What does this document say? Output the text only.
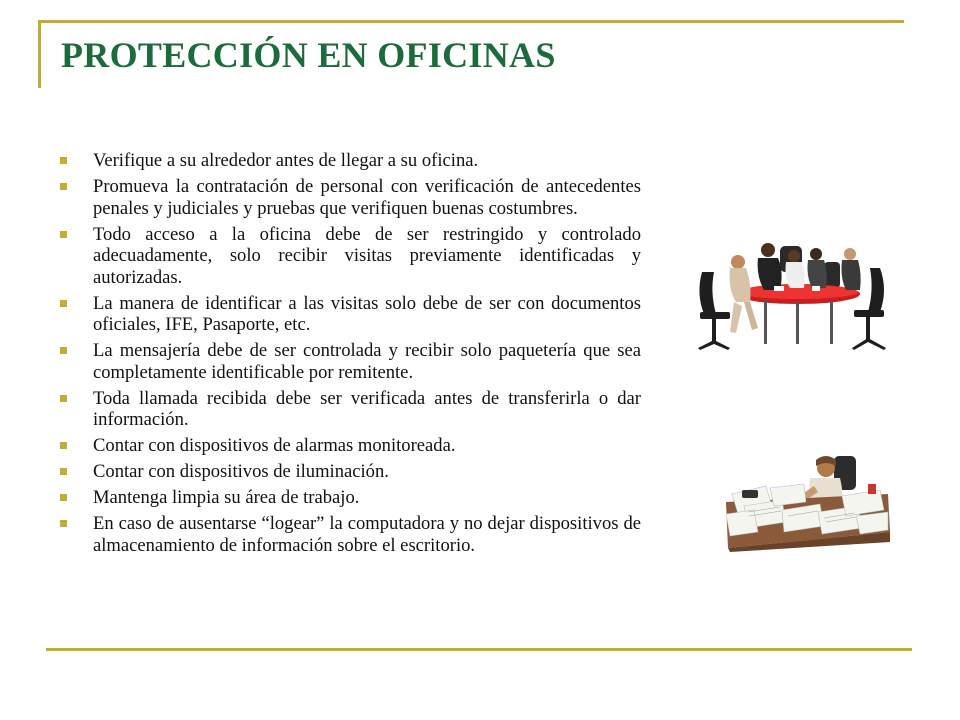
PROTECCIÓN EN OFICINAS
Verifique a su alrededor antes de llegar a su oficina.
Promueva la contratación de personal con verificación de antecedentes penales y judiciales y pruebas que verifiquen buenas costumbres.
Todo acceso a la oficina debe de ser restringido y controlado adecuadamente, solo recibir visitas previamente identificadas y autorizadas.
La manera de identificar a las visitas solo debe de ser con documentos oficiales, IFE, Pasaporte, etc.
La mensajería debe de ser controlada y recibir solo paquetería que sea completamente identificable por remitente.
Toda llamada recibida debe ser verificada antes de transferirla o dar información.
Contar con dispositivos de alarmas monitoreada.
Contar con dispositivos de iluminación.
Mantenga limpia su área de trabajo.
En caso de ausentarse “logear” la computadora y no dejar dispositivos de almacenamiento de información sobre el escritorio.
